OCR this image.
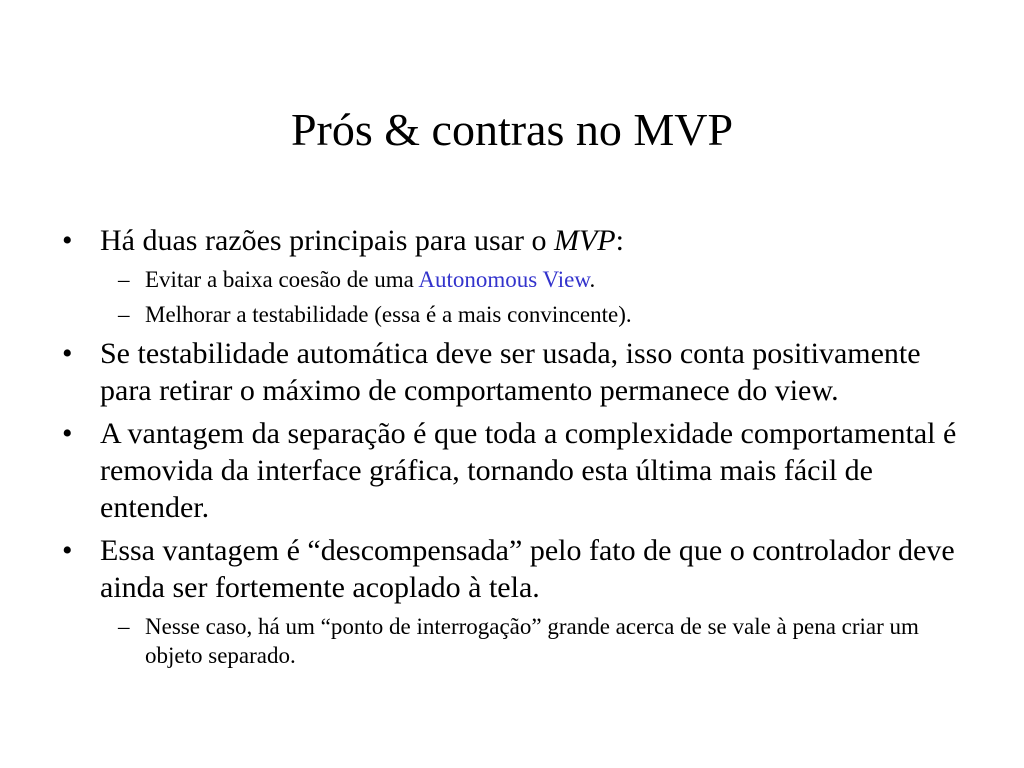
Prós & contras no MVP
• Há duas razões principais para usar o MVP:
– Evitar a baixa coesão de uma Autonomous View.
– Melhorar a testabilidade (essa é a mais convincente).
• Se testabilidade automática deve ser usada, isso conta positivamente para retirar o máximo de comportamento permanece do view.
• A vantagem da separação é que toda a complexidade comportamental é removida da interface gráfica, tornando esta última mais fácil de entender.
• Essa vantagem é “descompensada” pelo fato de que o controlador deve ainda ser fortemente acoplado à tela.
– Nesse caso, há um “ponto de interrogação” grande acerca de se vale à pena criar um objeto separado.
